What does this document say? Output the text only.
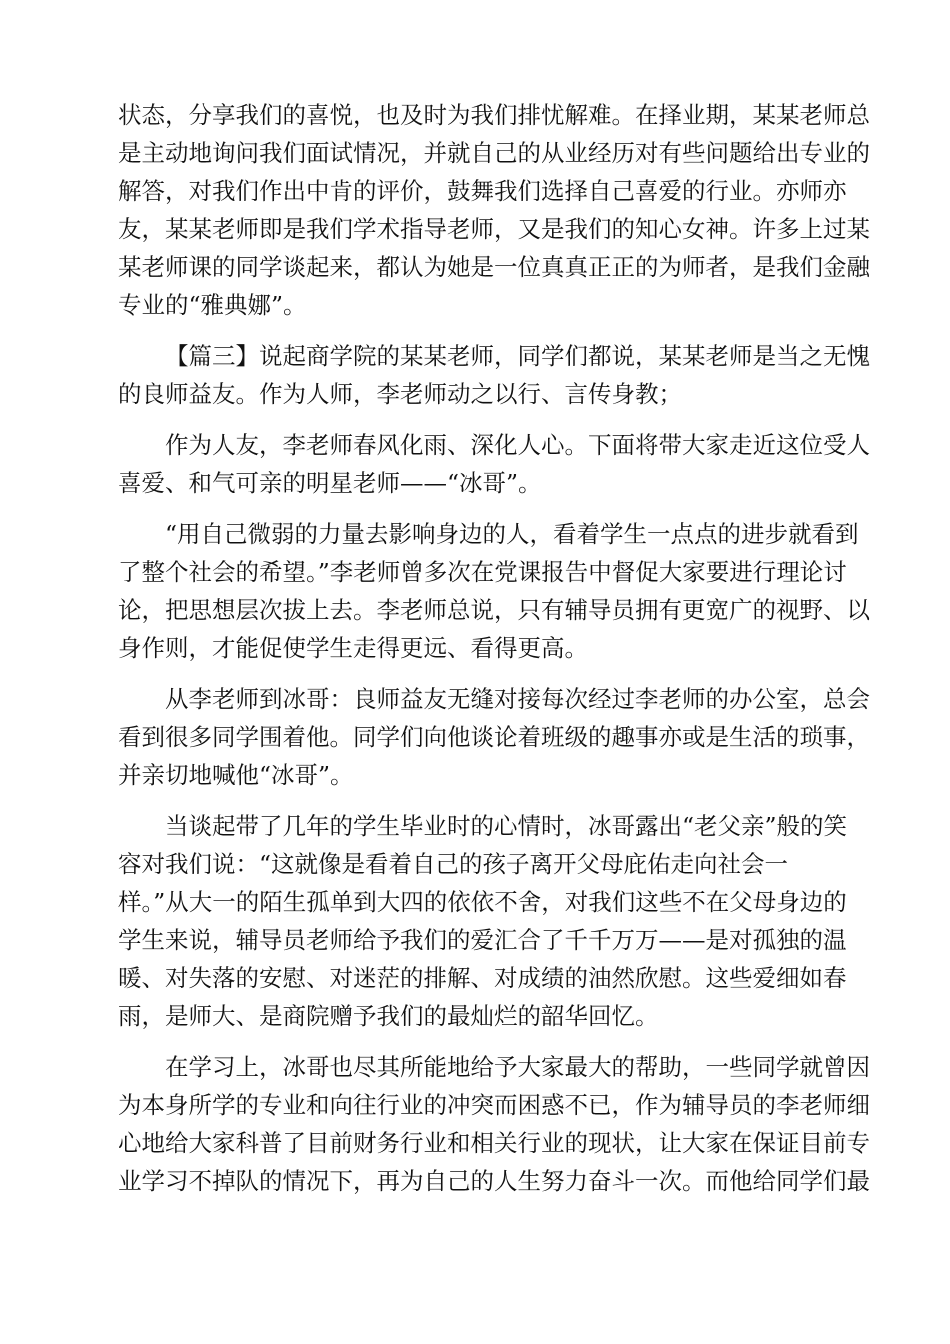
状态，分享我们的喜悦，也及时为我们排忧解难。在择业期，某某老师总
是主动地询问我们面试情况，并就自己的从业经历对有些问题给出专业的
解答，对我们作出中肯的评价，鼓舞我们选择自己喜爱的行业。亦师亦
友，某某老师即是我们学术指导老师，又是我们的知心女神。许多上过某
某老师课的同学谈起来，都认为她是一位真真正正的为师者，是我们金融
专业的“雅典娜”。
【篇三】说起商学院的某某老师，同学们都说，某某老师是当之无愧
的良师益友。作为人师，李老师动之以行、言传身教；
作为人友，李老师春风化雨、深化人心。下面将带大家走近这位受人
喜爱、和气可亲的明星老师——“冰哥”。
“用自己微弱的力量去影响身边的人，看着学生一点点的进步就看到
了整个社会的希望。”李老师曾多次在党课报告中督促大家要进行理论讨
论，把思想层次拔上去。李老师总说，只有辅导员拥有更宽广的视野、以
身作则，才能促使学生走得更远、看得更高。
从李老师到冰哥：良师益友无缝对接每次经过李老师的办公室，总会
看到很多同学围着他。同学们向他谈论着班级的趣事亦或是生活的琐事，
并亲切地喊他“冰哥”。
当谈起带了几年的学生毕业时的心情时，冰哥露出“老父亲”般的笑
容对我们说：“这就像是看着自己的孩子离开父母庇佑走向社会一
样。”从大一的陌生孤单到大四的依依不舍，对我们这些不在父母身边的
学生来说，辅导员老师给予我们的爱汇合了千千万万——是对孤独的温
暖、对失落的安慰、对迷茫的排解、对成绩的油然欣慰。这些爱细如春
雨，是师大、是商院赠予我们的最灿烂的韶华回忆。
在学习上，冰哥也尽其所能地给予大家最大的帮助，一些同学就曾因
为本身所学的专业和向往行业的冲突而困惑不已，作为辅导员的李老师细
心地给大家科普了目前财务行业和相关行业的现状，让大家在保证目前专
业学习不掉队的情况下，再为自己的人生努力奋斗一次。而他给同学们最
